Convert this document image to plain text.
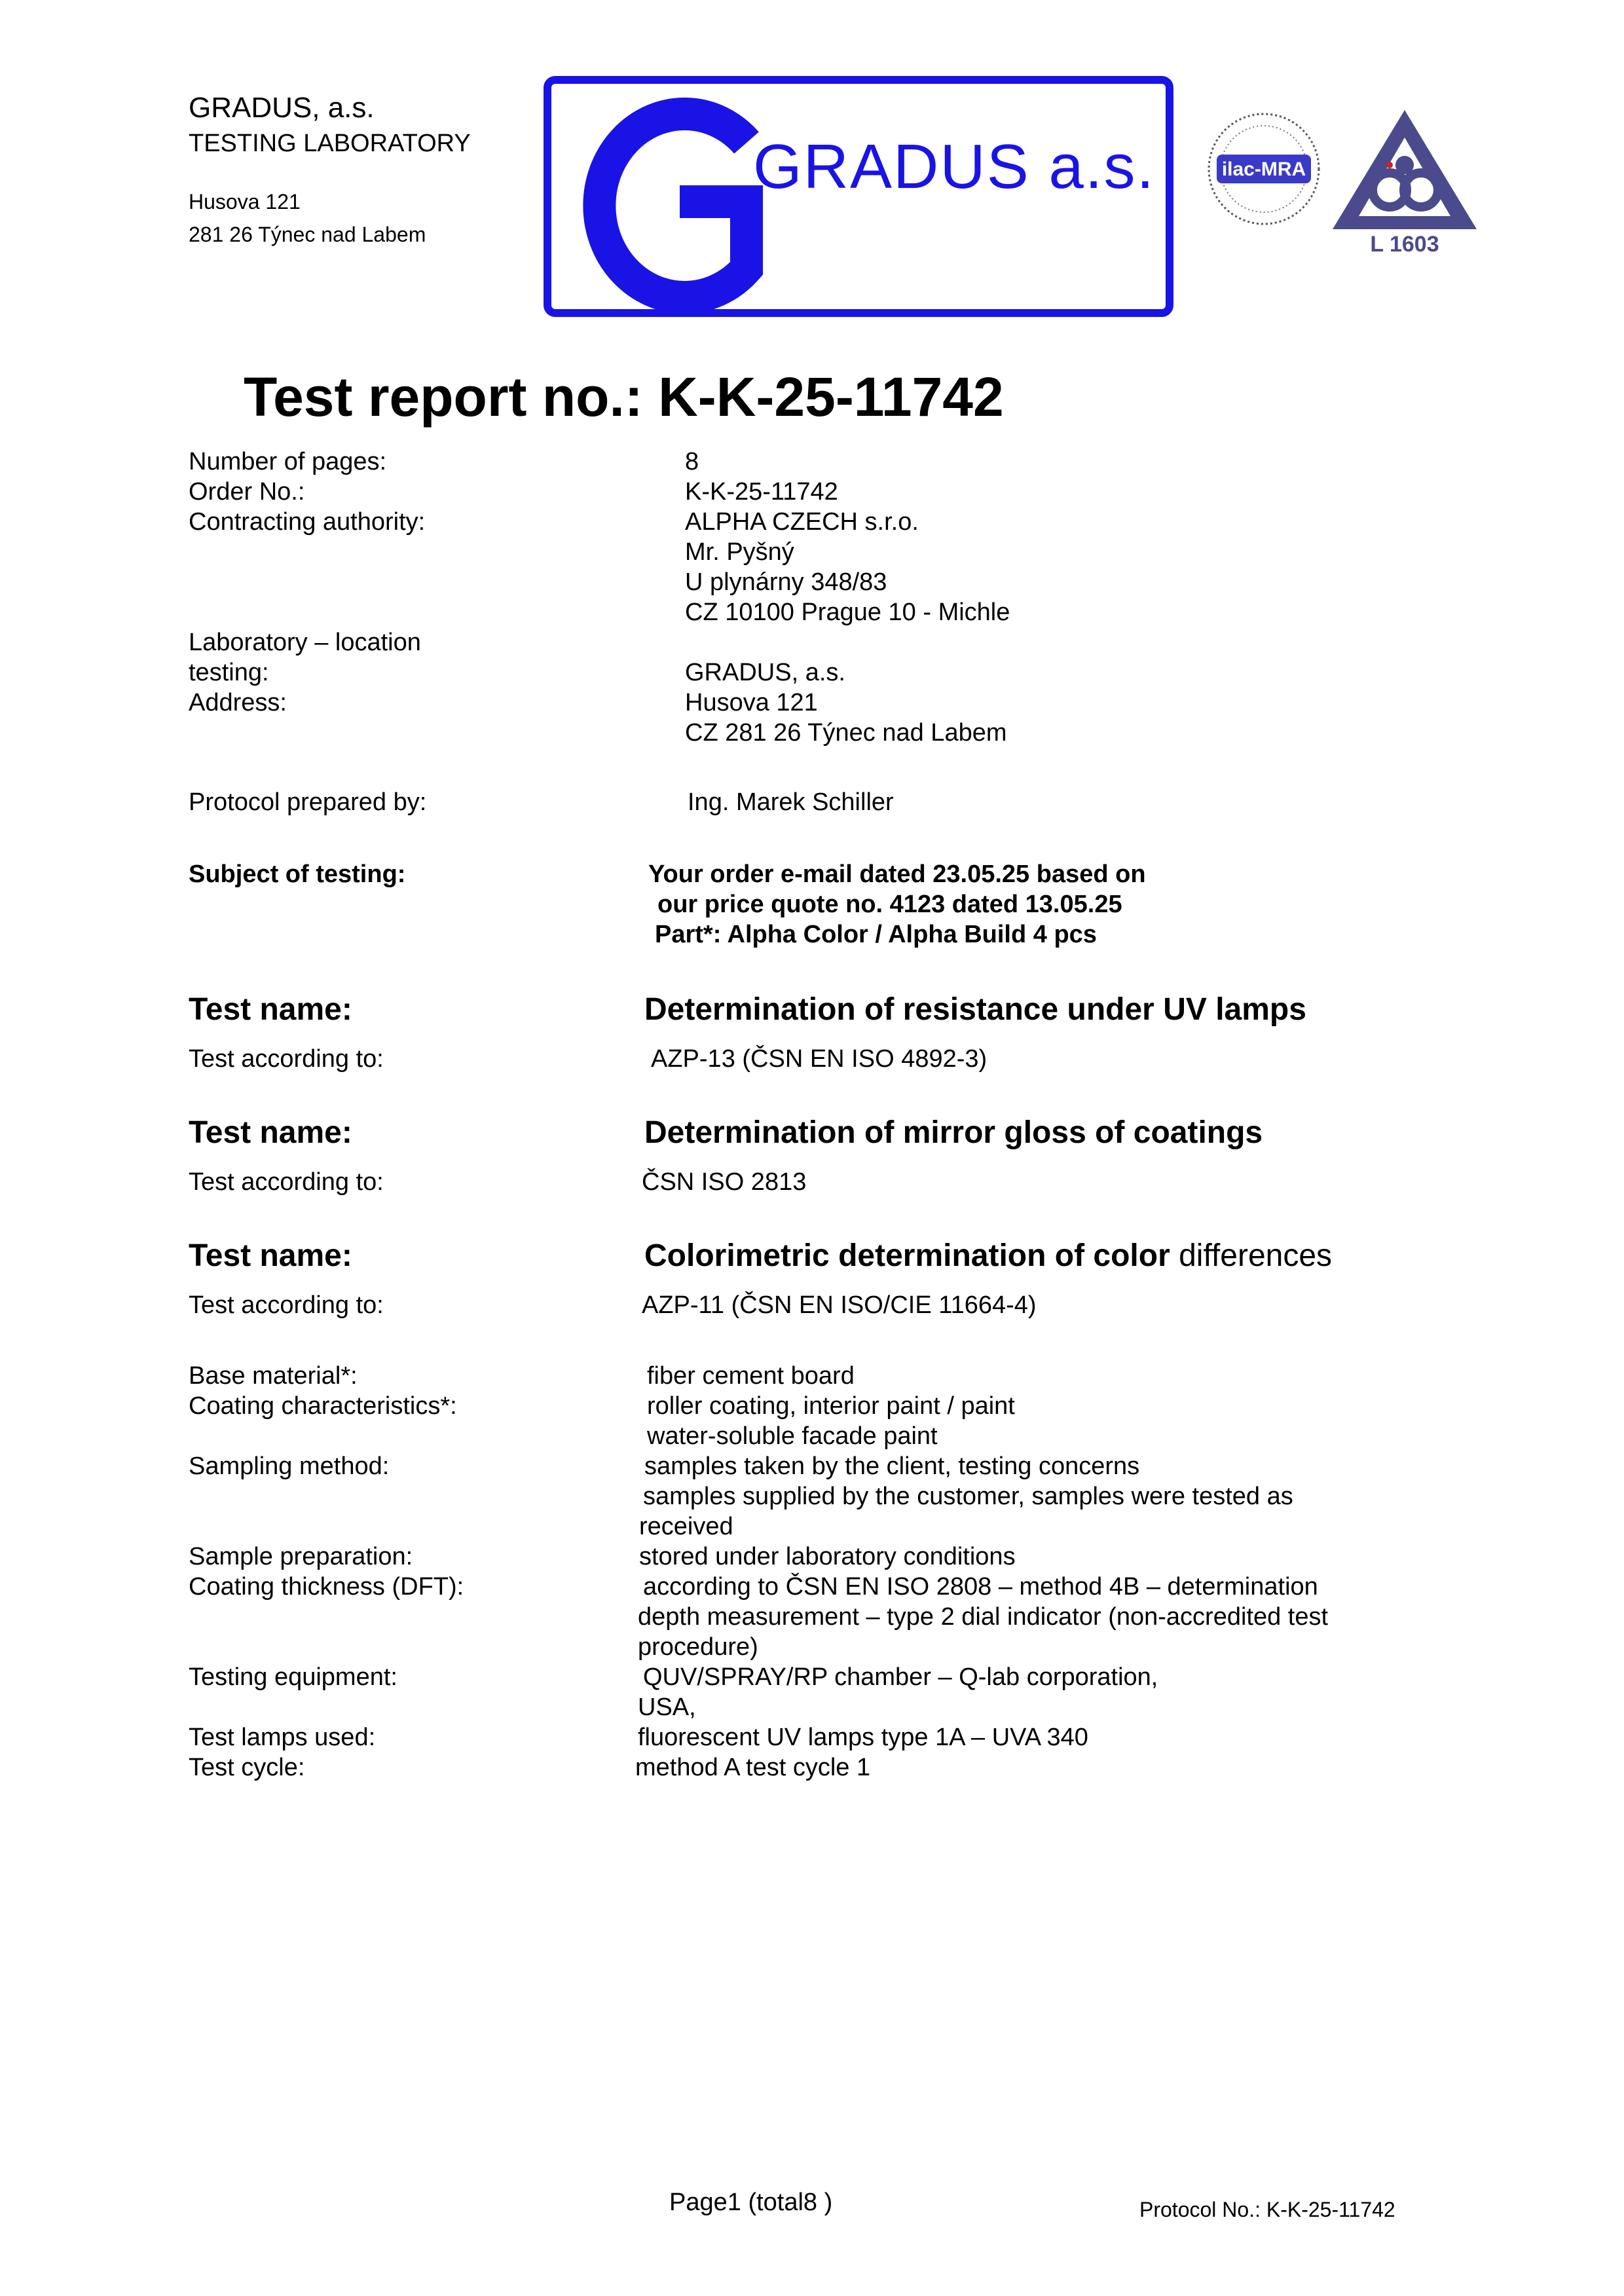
GRADUS, a.s.
TESTING LABORATORY
Husova 121
281 26 Týnec nad Labem
GRADUS a.s.	ilac-MRA
L 1603
Test report no.: K-K-25-11742
Number of pages:	8
Order No.:	K-K-25-11742
Contracting authority:	ALPHA CZECH s.r.o.
Mr. Pyšný
U plynárny 348/83
CZ 10100 Prague 10 - Michle
Laboratory – location
testing:	GRADUS, a.s.
Address:	Husova 121
CZ 281 26 Týnec nad Labem
Protocol prepared by:	Ing. Marek Schiller
Subject of testing:	Your order e-mail dated 23.05.25 based on
our price quote no. 4123 dated 13.05.25
Part*: Alpha Color / Alpha Build 4 pcs
Test name:	Determination of resistance under UV lamps
Test according to:	AZP-13 (ČSN EN ISO 4892-3)
Test name:	Determination of mirror gloss of coatings
Test according to:	ČSN ISO 2813
Test name:	Colorimetric determination of color differences
Test according to:	AZP-11 (ČSN EN ISO/CIE 11664-4)
Base material*:	fiber cement board
Coating characteristics*:	roller coating, interior paint / paint
water-soluble facade paint
Sampling method:	samples taken by the client, testing concerns
samples supplied by the customer, samples were tested as
received
Sample preparation:	stored under laboratory conditions
Coating thickness (DFT):	according to ČSN EN ISO 2808 – method 4B – determination
depth measurement – type 2 dial indicator (non-accredited test
procedure)
Testing equipment:	QUV/SPRAY/RP chamber – Q-lab corporation,
USA,
Test lamps used:	fluorescent UV lamps type 1A – UVA 340
Test cycle:	method A test cycle 1
Page1 (total8 )	Protocol No.: K-K-25-11742
